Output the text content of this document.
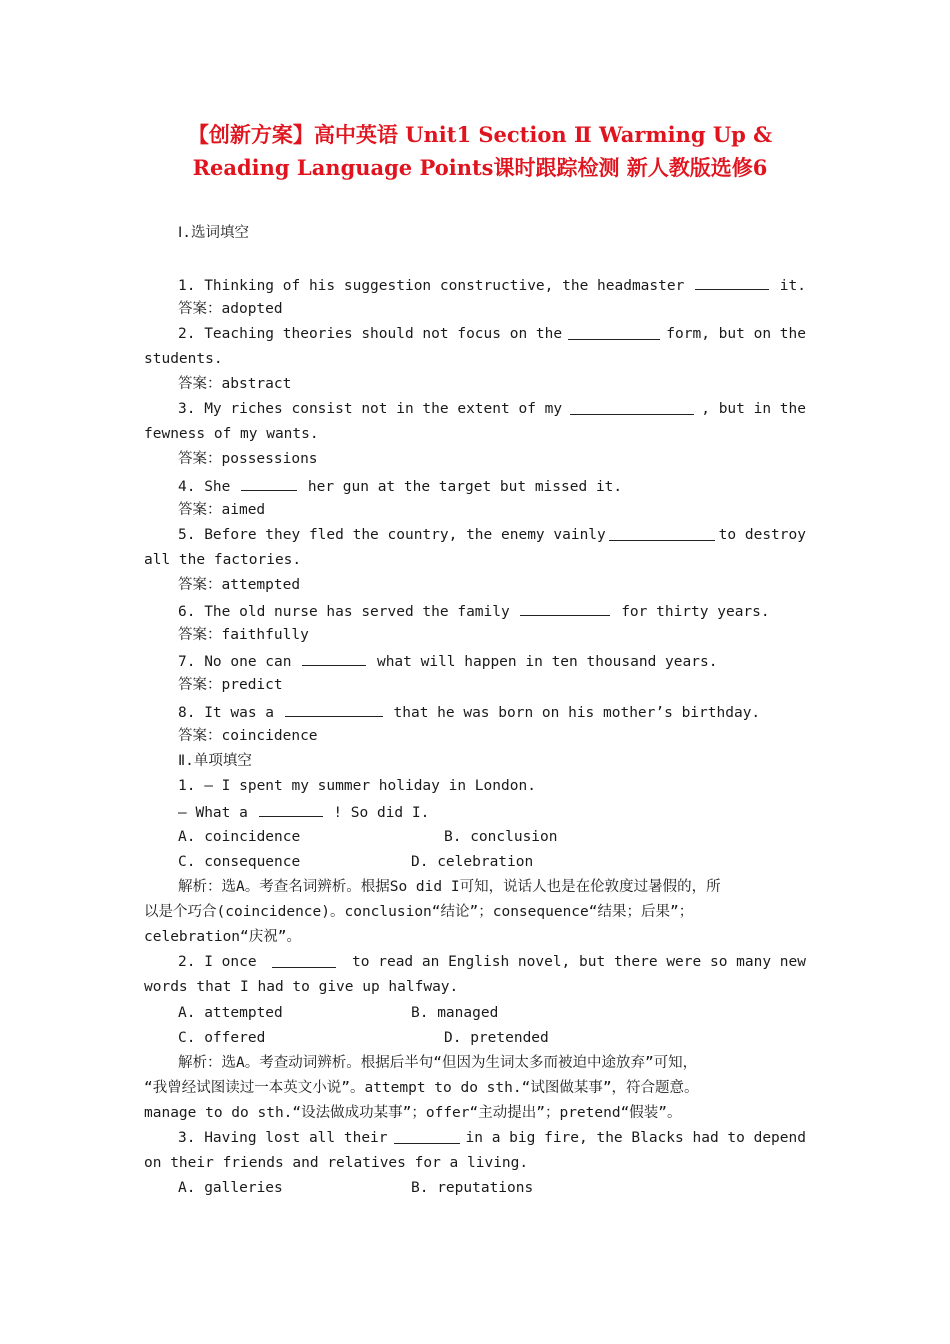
【创新方案】高中英语 Unit1 Section Ⅱ Warming Up &
Reading Language Points课时跟踪检测 新人教版选修6
Ⅰ.选词填空
1. Thinking of his suggestion constructive, the headmaster	it.
答案：adopted
2. Teaching theories should not focus on the	form, but on the
students.
答案：abstract
3. My riches consist not in the extent of my	, but in the
fewness of my wants.
答案：possessions
4. She	her gun at the target but missed it.
答案：aimed
5. Before they fled the country, the enemy vainly	to destroy
all the factories.
答案：attempted
6. The old nurse has served the family	for thirty years.
答案：faithfully
7. No one can	what will happen in ten thousand years.
答案：predict
8. It was a	that he was born on his mother’s birthday.
答案：coincidence
Ⅱ.单项填空
1. — I spent my summer holiday in London.
— What a	! So did I.
A. coincidence	B. conclusion
C. consequence	D. celebration
解析：选A。考查名词辨析。根据So did I可知，说话人也是在伦敦度过暑假的，所
以是个巧合(coincidence)。conclusion“结论”；consequence“结果；后果”；
celebration“庆祝”。
2. I once	to read an English novel, but there were so many new
words that I had to give up halfway.
A. attempted	B. managed
C. offered	D. pretended
解析：选A。考查动词辨析。根据后半句“但因为生词太多而被迫中途放弃”可知，
“我曾经试图读过一本英文小说”。attempt to do sth.“试图做某事”，符合题意。
manage to do sth.“设法做成功某事”；offer“主动提出”；pretend“假装”。
3. Having lost all their	in a big fire, the Blacks had to depend
on their friends and relatives for a living.
A. galleries	B. reputations
